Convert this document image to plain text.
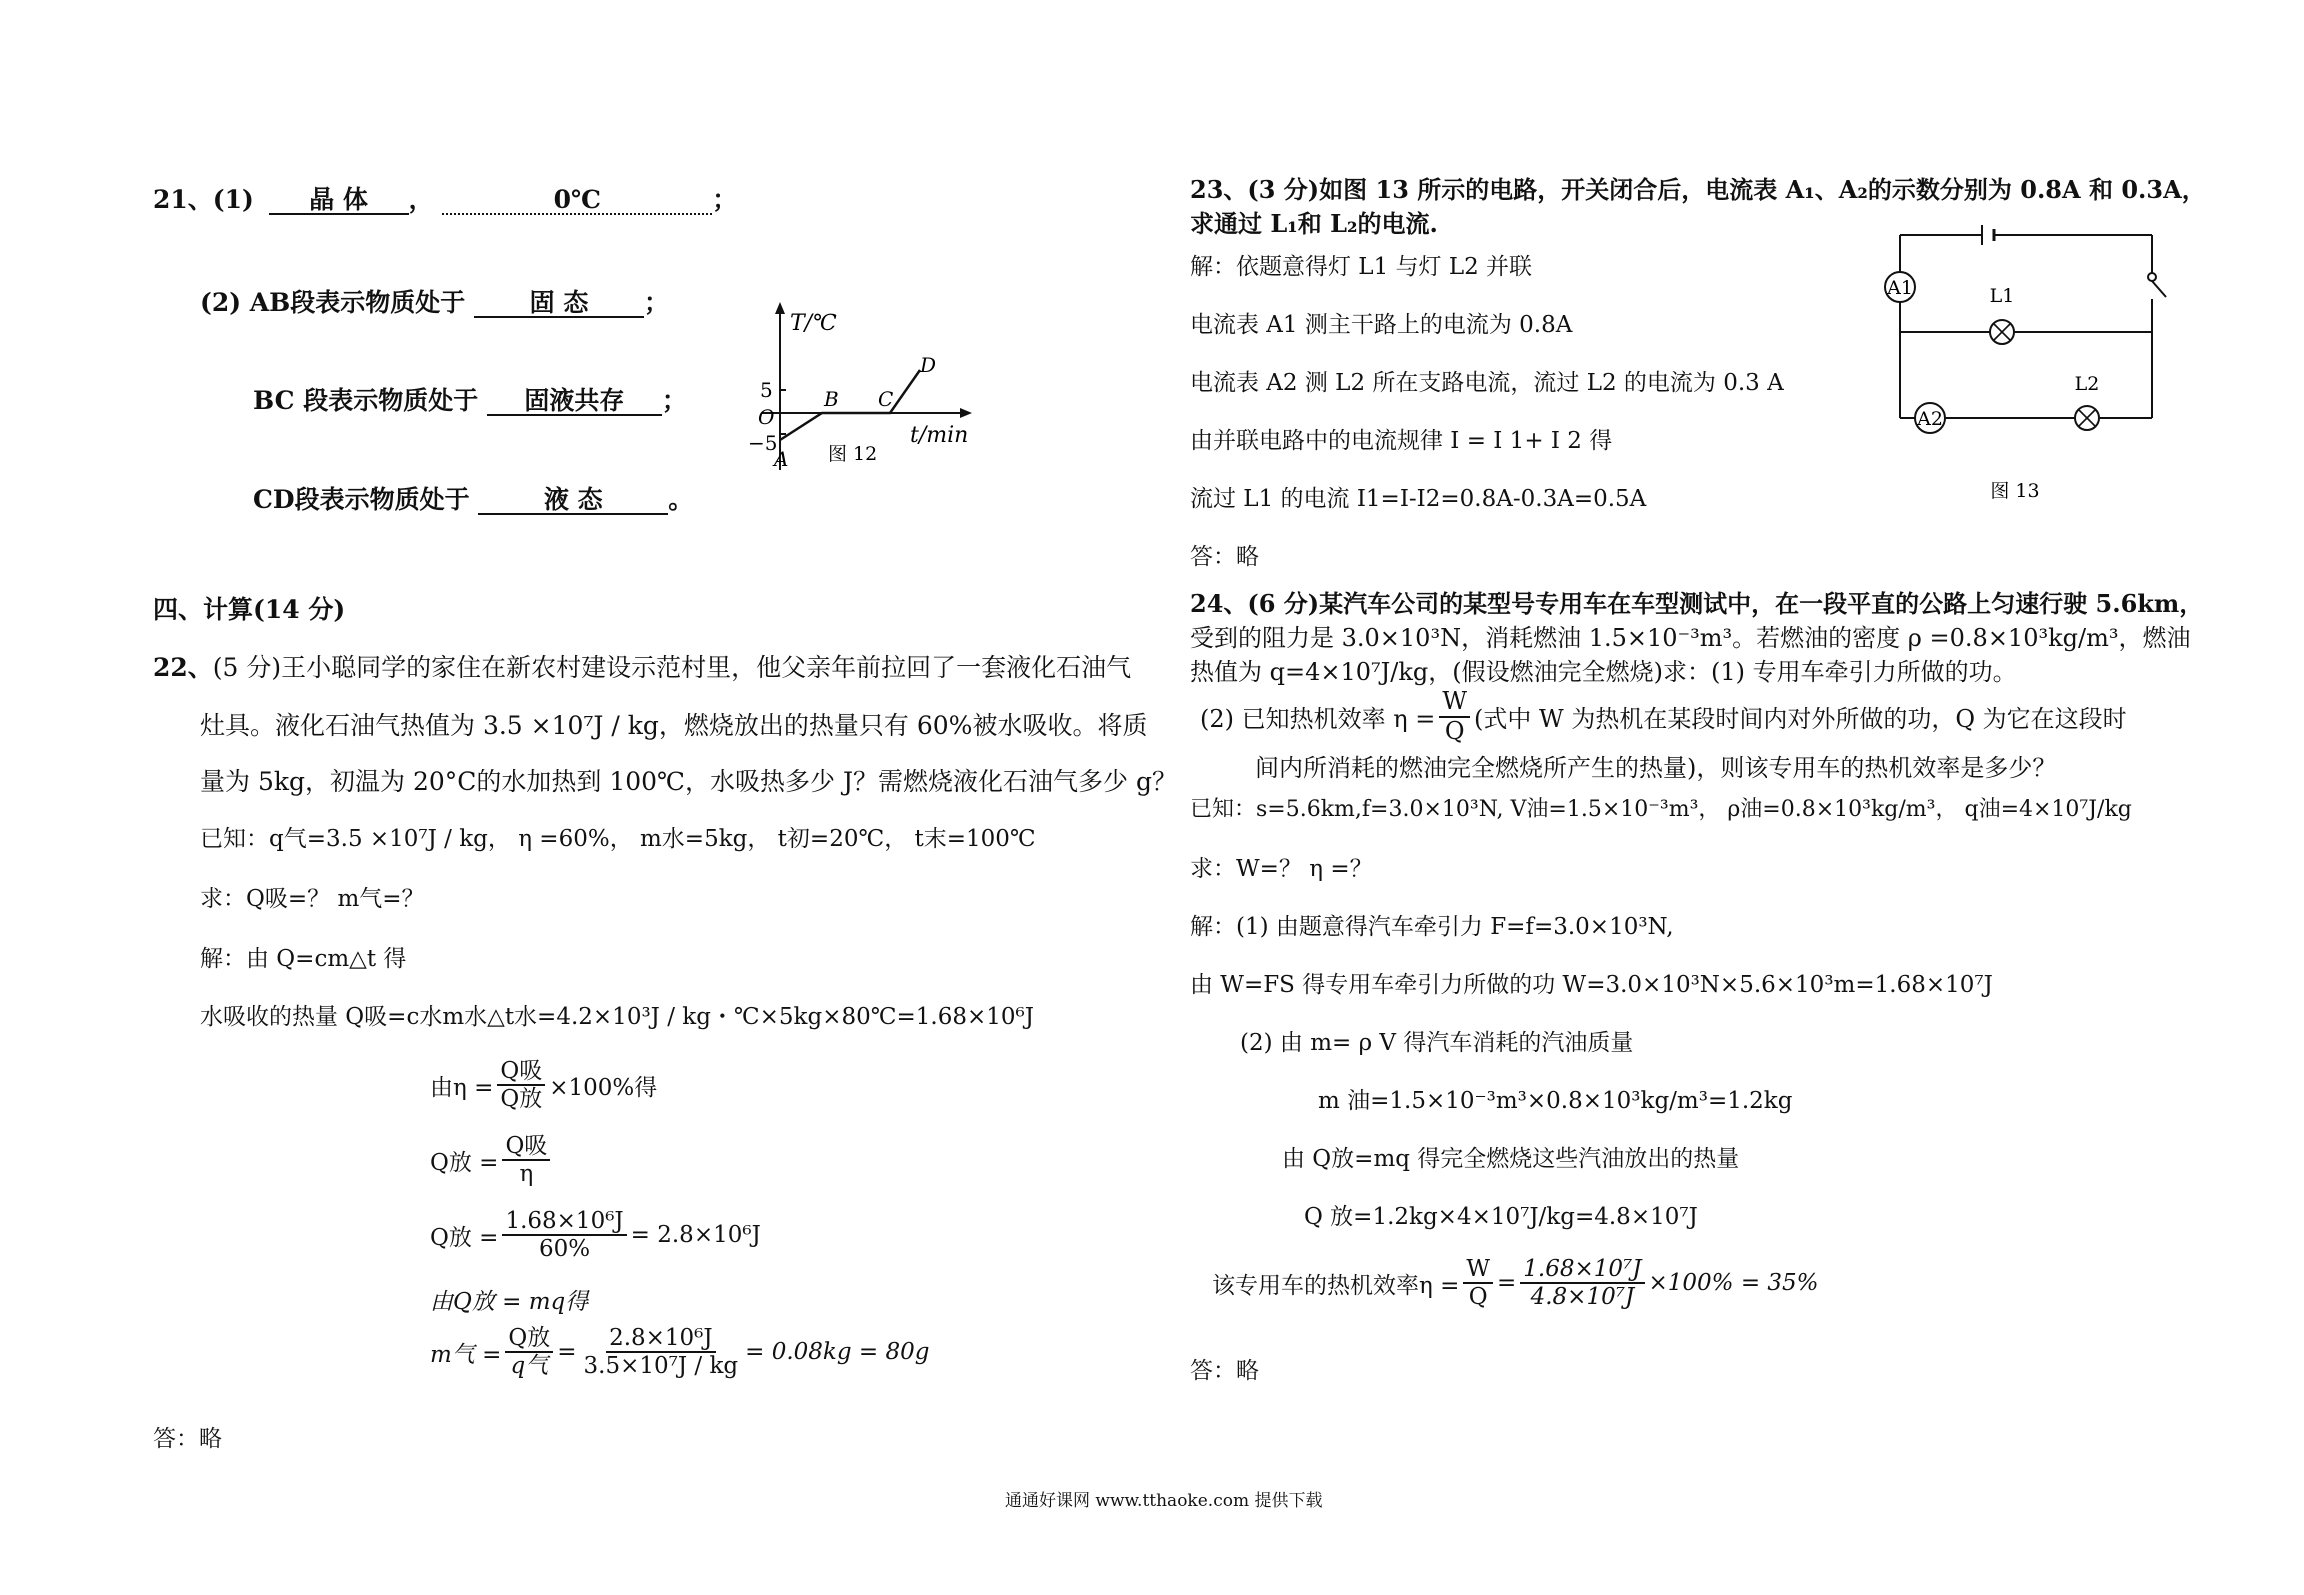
21、(1) 晶 体 ，	0℃	；
(2) AB段表示物质处于	固 态 ；
BC 段表示物质处于 固液共存 ；
CD段表示物质处于	液 态	。
T/℃
t/min
5
O
−5
A
B C
D
图 12
四、计算(14 分)
22、(5 分)王小聪同学的家住在新农村建设示范村里，他父亲年前拉回了一套液化石油气
灶具。液化石油气热值为 3.5 ×10⁷J / kg，燃烧放出的热量只有 60%被水吸收。将质
量为 5kg，初温为 20°C的水加热到 100℃，水吸热多少 J？需燃烧液化石油气多少 g？
已知：q气=3.5 ×10⁷J / kg， η =60%， m水=5kg， t初=20℃， t末=100℃
求：Q吸=？ m气=？
解：由 Q=cm△t 得
水吸收的热量 Q吸=c水m水△t水=4.2×10³J / kg・℃×5kg×80℃=1.68×10⁶J
由$\eta = \frac{\text{Q吸}}{\text{Q放}} \times 100\%$得
Q放 = $\frac{\text{Q吸}}{\eta}$
Q放 = $\frac{\text{1.68×10⁶J}}{60\%} = 2.8\times 10^6J$
由Q放 = mq得
m气 = $\frac{\text{Q放}}{\text{q气}} = \frac{\text{2.8×10⁶J}}{\text{3.5×10⁷J / kg}} = 0.08kg = 80g$
答：略
23、(3 分)如图 13 所示的电路，开关闭合后，电流表 A₁、A₂的示数分别为 0.8A 和 0.3A，
求通过 L₁和 L₂的电流.
解：依题意得灯 L1 与灯 L2 并联
电流表 A1 测主干路上的电流为 0.8A
电流表 A2 测 L2 所在支路电流，流过 L2 的电流为 0.3 A
由并联电路中的电流规律 I = I 1+ I 2 得
流过 L1 的电流 I1=I-I2=0.8A-0.3A=0.5A
答：略
A1
A2
L1
L2
图 13
24、(6 分)某汽车公司的某型号专用车在车型测试中，在一段平直的公路上匀速行驶 5.6km，
受到的阻力是 3.0×10³N，消耗燃油 1.5×10⁻³m³。若燃油的密度 ρ =0.8×10³kg/m³，燃油
热值为 q=4×10⁷J/kg，(假设燃油完全燃烧)求：(1) 专用车牵引力所做的功。
(2) 已知热机效率 $\eta = \frac{W}{Q}$ (式中 W 为热机在某段时间内对外所做的功，Q 为它在这段时
间内所消耗的燃油完全燃烧所产生的热量)，则该专用车的热机效率是多少？
已知：s=5.6km,f=3.0×10³N, V油=1.5×10⁻³m³， ρ油=0.8×10³kg/m³， q油=4×10⁷J/kg
求：W=？ η =？
解：(1) 由题意得汽车牵引力 F=f=3.0×10³N,
由 W=FS 得专用车牵引力所做的功 W=3.0×10³N×5.6×10³m=1.68×10⁷J
(2) 由 m= ρ V 得汽车消耗的汽油质量
m 油=1.5×10⁻³m³×0.8×10³kg/m³=1.2kg
由 Q放=mq 得完全燃烧这些汽油放出的热量
Q 放=1.2kg×4×10⁷J/kg=4.8×10⁷J
该专用车的热机效率$\eta = \frac{W}{Q} = \frac{\text{1.68×10⁷J}}{\text{4.8×10⁷J}} \times 100\% = 35\%$
答：略
通通好课网 www.tthaoke.com 提供下载
